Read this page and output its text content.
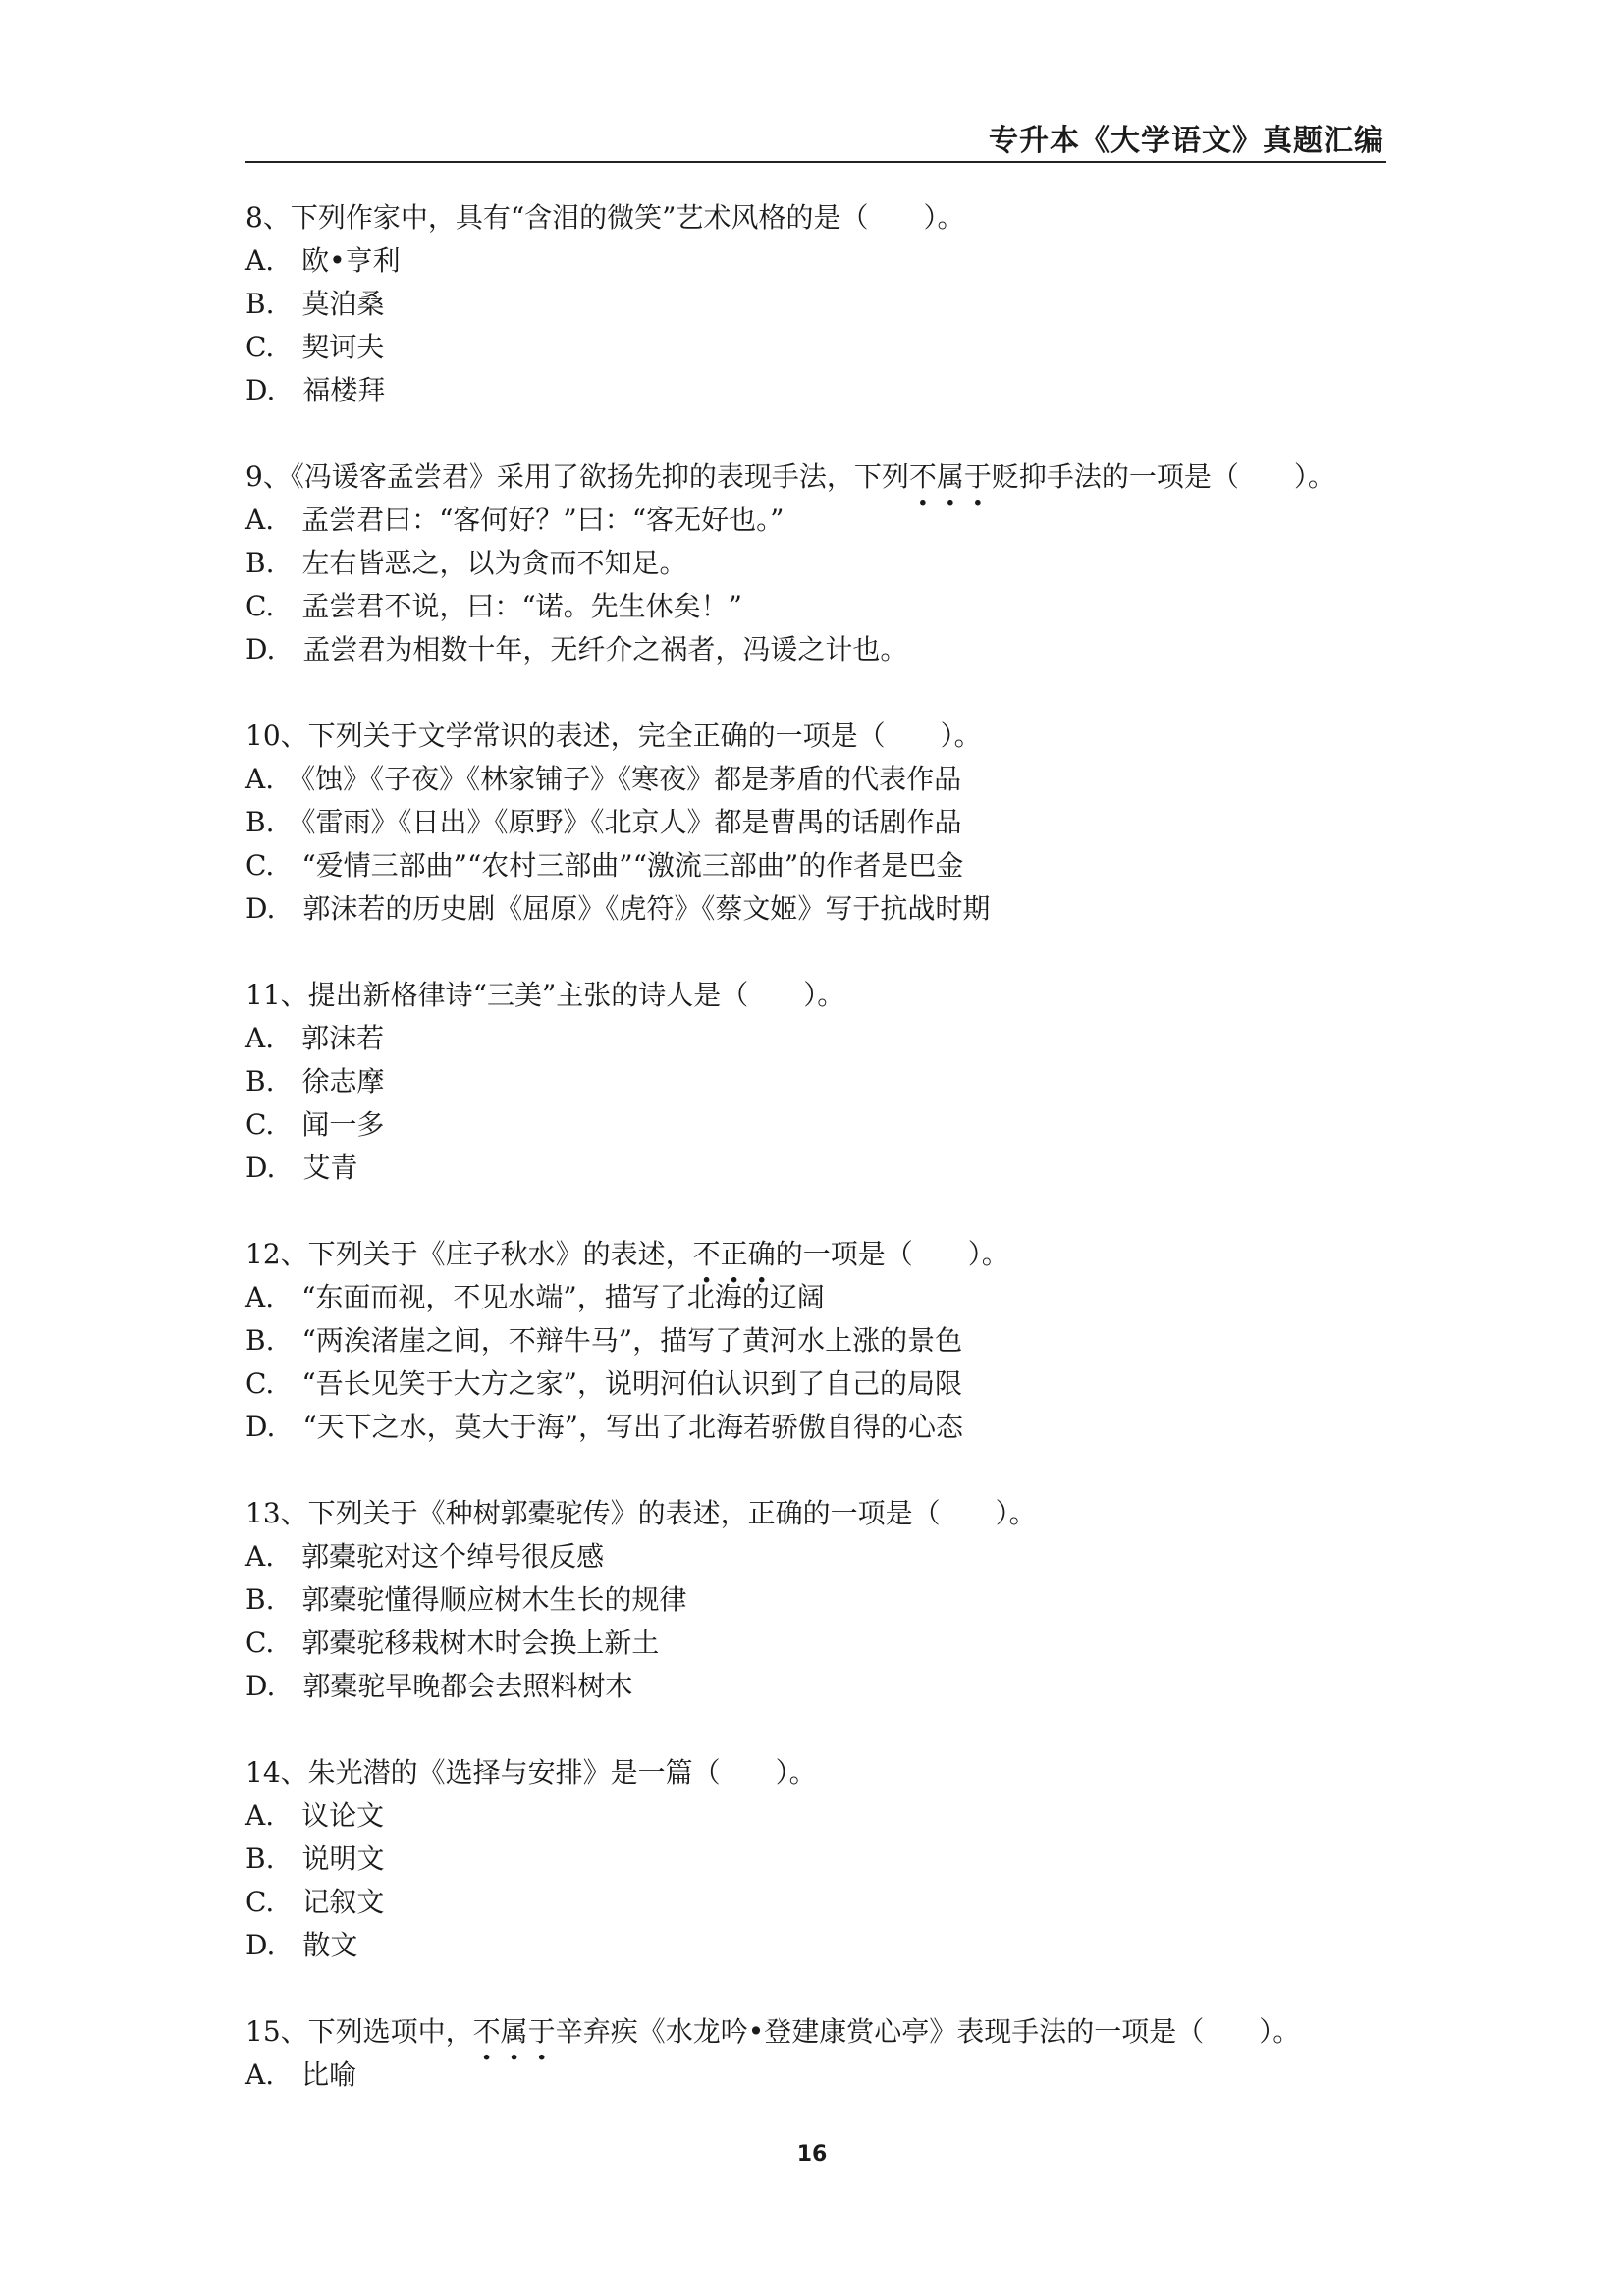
专升本《大学语文》真题汇编
8、下列作家中，具有“含泪的微笑”艺术风格的是（　　）。
A.　欧•亨利
B.　莫泊桑
C.　契诃夫
D.　福楼拜
9、《冯谖客孟尝君》采用了欲扬先抑的表现手法，下列不属于贬抑手法的一项是（　　）。
A.　孟尝君曰：“客何好？”曰：“客无好也。”
B.　左右皆恶之，以为贪而不知足。
C.　孟尝君不说，曰：“诺。先生休矣！”
D.　孟尝君为相数十年，无纤介之祸者，冯谖之计也。
10、下列关于文学常识的表述，完全正确的一项是（　　）。
A.　《蚀》《子夜》《林家铺子》《寒夜》都是茅盾的代表作品
B.　《雷雨》《日出》《原野》《北京人》都是曹禺的话剧作品
C.　“爱情三部曲”“农村三部曲”“激流三部曲”的作者是巴金
D.　郭沫若的历史剧《屈原》《虎符》《蔡文姬》写于抗战时期
11、提出新格律诗“三美”主张的诗人是（　　）。
A.　郭沫若
B.　徐志摩
C.　闻一多
D.　艾青
12、下列关于《庄子秋水》的表述，不正确的一项是（　　）。
A.　“东面而视，不见水端”，描写了北海的辽阔
B.　“两涘渚崖之间，不辩牛马”，描写了黄河水上涨的景色
C.　“吾长见笑于大方之家”，说明河伯认识到了自己的局限
D.　“天下之水，莫大于海”，写出了北海若骄傲自得的心态
13、下列关于《种树郭橐驼传》的表述，正确的一项是（　　）。
A.　郭橐驼对这个绰号很反感
B.　郭橐驼懂得顺应树木生长的规律
C.　郭橐驼移栽树木时会换上新土
D.　郭橐驼早晚都会去照料树木
14、朱光潜的《选择与安排》是一篇（　　）。
A.　议论文
B.　说明文
C.　记叙文
D.　散文
15、下列选项中，不属于辛弃疾《水龙吟•登建康赏心亭》表现手法的一项是（　　）。
A.　比喻
16
